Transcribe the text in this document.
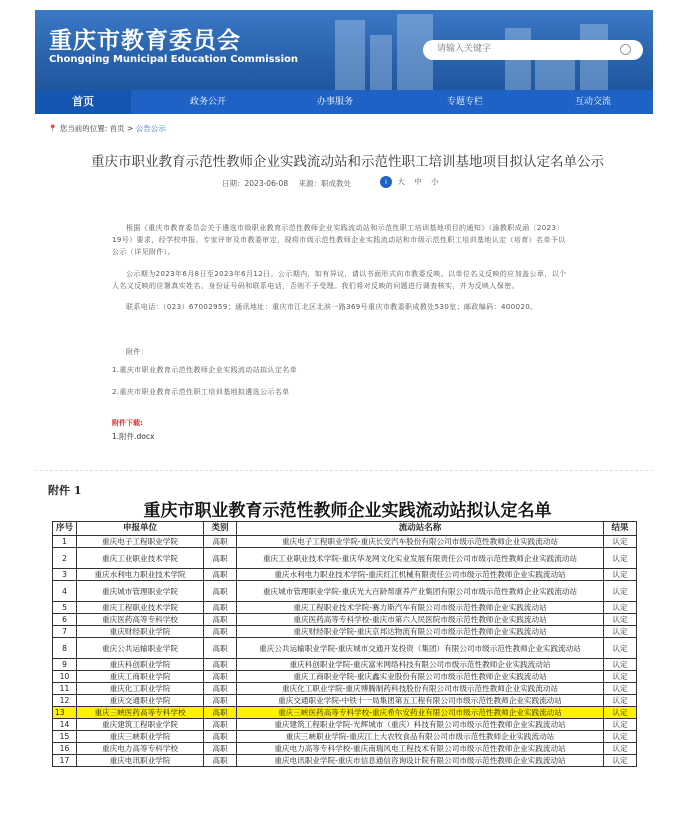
重庆市教育委员会
Chongqing Municipal Education Commission
请输入关键字
首页	政务公开	办事服务	专题专栏	互动交流
📍 您当前的位置: 首页 > 公告公示
重庆市职业教育示范性教师企业实践流动站和示范性职工培训基地项目拟认定名单公示
日期：2023-06-08 来源：职成教处	i 大 中 小
根据《重庆市教育委员会关于遴选市级职业教育示范性教师企业实践流动站和示范性职工培训基地项目的通知》（渝教职成函〔2023〕19号）要求，经学校申报、专家评审及市教委审定，现将市级示范性教师企业实践流动站和市级示范性职工培训基地认定（培育）名单予以公示（详见附件）。
公示期为2023年6月8日至2023年6月12日。公示期内，如有异议，请以书面形式向市教委反映。以单位名义反映的应加盖公章，以个人名义反映的应署真实姓名、身份证号码和联系电话，否则不予受理。我们将对反映的问题进行调查核实，并为反映人保密。
联系电话：（023）67002959；通讯地址：重庆市江北区北滨一路369号重庆市教委职成教处530室；邮政编码：400020。
附件：
1.重庆市职业教育示范性教师企业实践流动站拟认定名单
2.重庆市职业教育示范性职工培训基地拟遴选公示名单
附件下载:
1.附件.docx
附件 1
重庆市职业教育示范性教师企业实践流动站拟认定名单
序号	申报单位	类别	流动站名称	结果
1	重庆电子工程职业学院	高职	重庆电子工程职业学院-重庆长安汽车股份有限公司市级示范性教师企业实践流动站	认定
2	重庆工业职业技术学院	高职	重庆工业职业技术学院-重庆华龙网文化实业发展有限责任公司市级示范性教师企业实践流动站	认定
3	重庆水利电力职业技术学院	高职	重庆水利电力职业技术学院-重庆红江机械有限责任公司市级示范性教师企业实践流动站	认定
4	重庆城市管理职业学院	高职	重庆城市管理职业学院-重庆光大百龄帮康养产业集团有限公司市级示范性教师企业实践流动站	认定
5	重庆工程职业技术学院	高职	重庆工程职业技术学院-赛力斯汽车有限公司市级示范性教师企业实践流动站	认定
6	重庆医药高等专科学校	高职	重庆医药高等专科学校-重庆市第六人民医院市级示范性教师企业实践流动站	认定
7	重庆财经职业学院	高职	重庆财经职业学院-重庆京邦达物流有限公司市级示范性教师企业实践流动站	认定
8	重庆公共运输职业学院	高职	重庆公共运输职业学院-重庆城市交通开发投资（集团）有限公司市级示范性教师企业实践流动站	认定
9	重庆科创职业学院	高职	重庆科创职业学院-重庆富米网络科技有限公司市级示范性教师企业实践流动站	认定
10	重庆工商职业学院	高职	重庆工商职业学院-重庆鑫实业股份有限公司市级示范性教师企业实践流动站	认定
11	重庆化工职业学院	高职	重庆化工职业学院-重庆博腾制药科技股份有限公司市级示范性教师企业实践流动站	认定
12	重庆交通职业学院	高职	重庆交通职业学院-中铁十一局集团第五工程有限公司市级示范性教师企业实践流动站	认定
13	重庆三峡医药高等专科学校	高职	重庆三峡医药高等专科学校-重庆希尔安药业有限公司市级示范性教师企业实践流动站	认定
14	重庆建筑工程职业学院	高职	重庆建筑工程职业学院-光辉城市（重庆）科技有限公司市级示范性教师企业实践流动站	认定
15	重庆三峡职业学院	高职	重庆三峡职业学院-重庆江上大农牧食品有限公司市级示范性教师企业实践流动站	认定
16	重庆电力高等专科学校	高职	重庆电力高等专科学校-重庆南瑞风电工程技术有限公司市级示范性教师企业实践流动站	认定
17	重庆电讯职业学院	高职	重庆电讯职业学院-重庆市信息通信咨询设计院有限公司市级示范性教师企业实践流动站	认定
